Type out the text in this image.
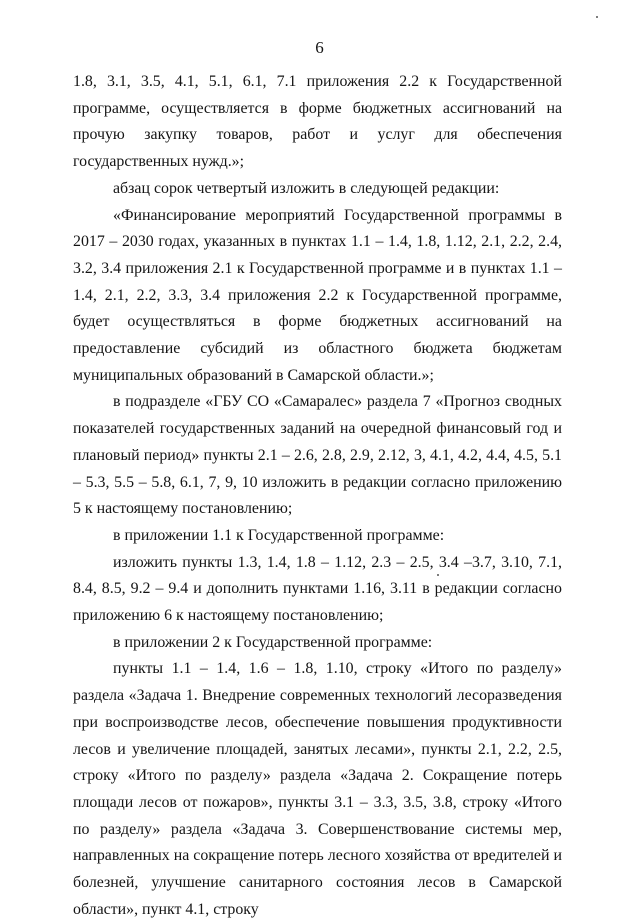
6

1.8, 3.1, 3.5, 4.1, 5.1, 6.1, 7.1 приложения 2.2 к Государственной программе, осуществляется в форме бюджетных ассигнований на прочую закупку товаров, работ и услуг для обеспечения государственных нужд.»;

абзац сорок четвертый изложить в следующей редакции:

«Финансирование мероприятий Государственной программы в 2017 – 2030 годах, указанных в пунктах 1.1 – 1.4, 1.8, 1.12, 2.1, 2.2, 2.4, 3.2, 3.4 приложения 2.1 к Государственной программе и в пунктах 1.1 – 1.4, 2.1, 2.2, 3.3, 3.4 приложения 2.2 к Государственной программе, будет осуществляться в форме бюджетных ассигнований на предоставление субсидий из областного бюджета бюджетам муниципальных образований в Самарской области.»;

в подразделе «ГБУ СО «Самаралес» раздела 7 «Прогноз сводных показателей государственных заданий на очередной финансовый год и плановый период» пункты 2.1 – 2.6, 2.8, 2.9, 2.12, 3, 4.1, 4.2, 4.4, 4.5, 5.1 – 5.3, 5.5 – 5.8, 6.1, 7, 9, 10 изложить в редакции согласно приложению 5 к настоящему постановлению;

в приложении 1.1 к Государственной программе:

изложить пункты 1.3, 1.4, 1.8 – 1.12, 2.3 – 2.5, 3.4 –3.7, 3.10, 7.1, 8.4, 8.5, 9.2 – 9.4 и дополнить пунктами 1.16, 3.11 в редакции согласно приложению 6 к настоящему постановлению;

в приложении 2 к Государственной программе:

пункты 1.1 – 1.4, 1.6 – 1.8, 1.10, строку «Итого по разделу» раздела «Задача 1. Внедрение современных технологий лесоразведения при воспроизводстве лесов, обеспечение повышения продуктивности лесов и увеличение площадей, занятых лесами», пункты 2.1, 2.2, 2.5, строку «Итого по разделу» раздела «Задача 2. Сокращение потерь площади лесов от пожаров», пункты 3.1 – 3.3, 3.5, 3.8, строку «Итого по разделу» раздела «Задача 3. Совершенствование системы мер, направленных на сокращение потерь лесного хозяйства от вредителей и болезней, улучшение санитарного состояния лесов в Самарской области», пункт 4.1, строку
